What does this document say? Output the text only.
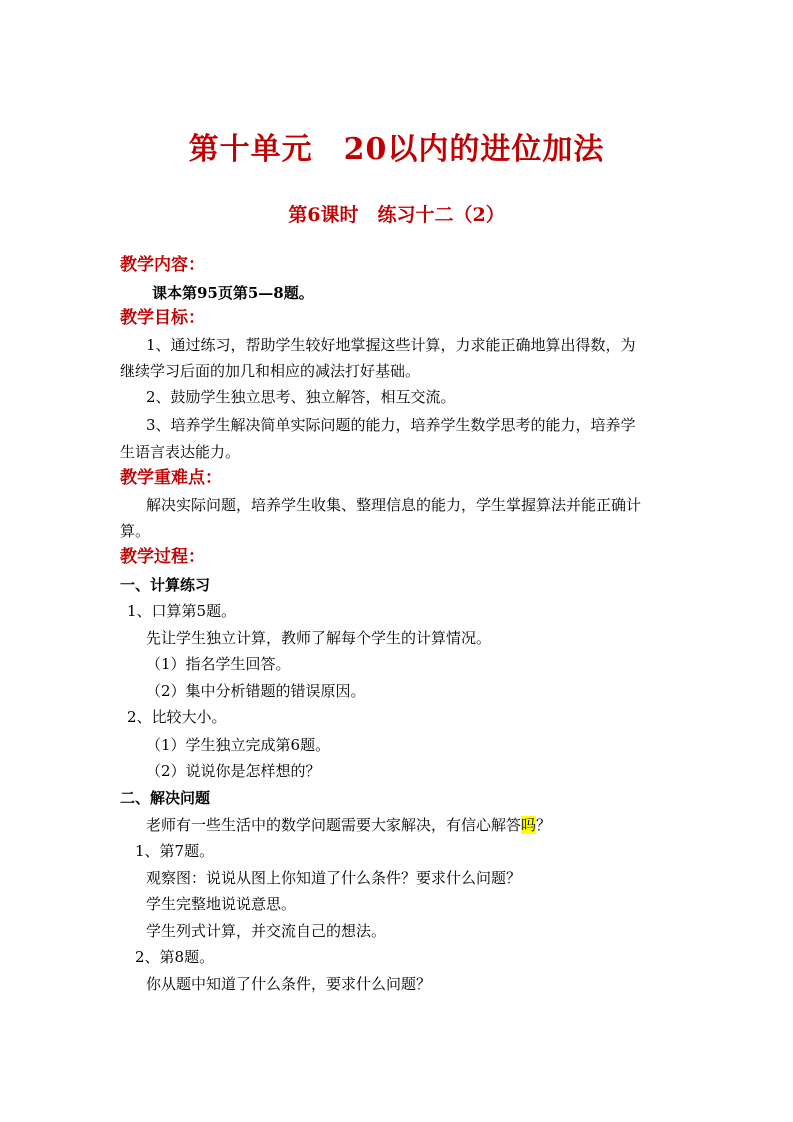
第十单元　20以内的进位加法
第6课时　练习十二（2）
教学内容：
课本第95页第5—8题。
教学目标：
1、通过练习，帮助学生较好地掌握这些计算，力求能正确地算出得数，为
继续学习后面的加几和相应的减法打好基础。
2、鼓励学生独立思考、独立解答，相互交流。
3、培养学生解决简单实际问题的能力，培养学生数学思考的能力，培养学
生语言表达能力。
教学重难点：
解决实际问题，培养学生收集、整理信息的能力，学生掌握算法并能正确计
算。
教学过程：
一、计算练习
1、口算第5题。
先让学生独立计算，教师了解每个学生的计算情况。
（1）指名学生回答。
（2）集中分析错题的错误原因。
2、比较大小。
（1）学生独立完成第6题。
（2）说说你是怎样想的？
二、解决问题
老师有一些生活中的数学问题需要大家解决，有信心解答吗？
1、第7题。
观察图：说说从图上你知道了什么条件？要求什么问题？
学生完整地说说意思。
学生列式计算，并交流自己的想法。
2、第8题。
你从题中知道了什么条件，要求什么问题？
